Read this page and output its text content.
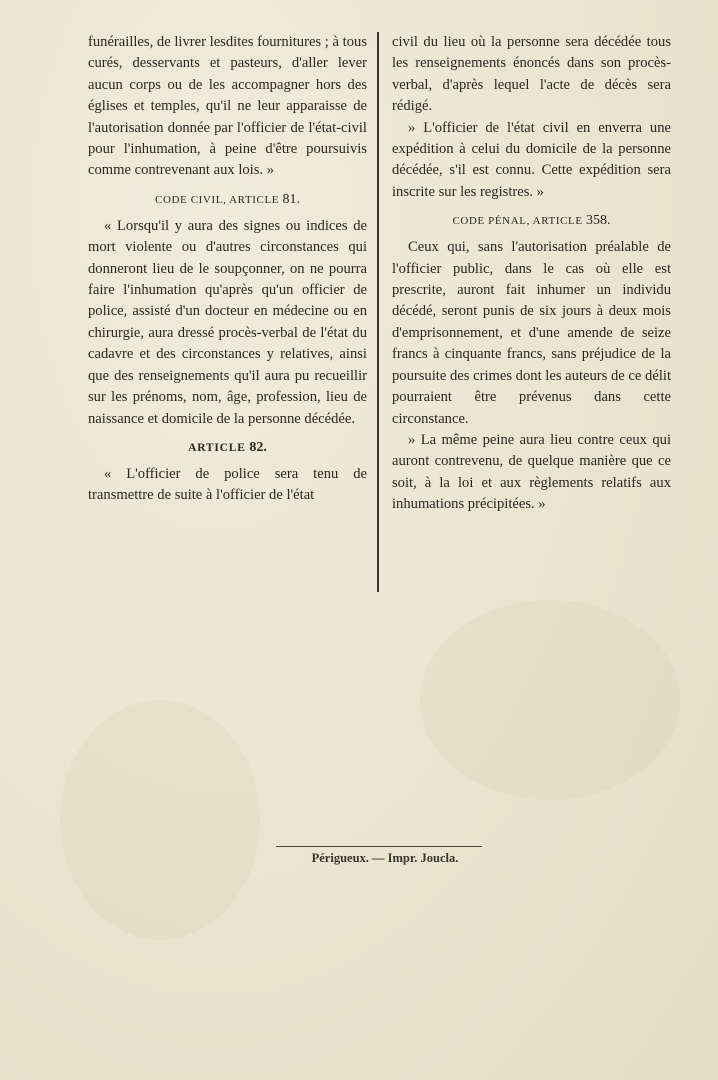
funérailles, de livrer lesdites fournitures ; à tous curés, desservants et pasteurs, d'aller lever aucun corps ou de les accompagner hors des églises et temples, qu'il ne leur apparaisse de l'autorisation donnée par l'officier de l'état-civil pour l'inhumation, à peine d'être poursuivis comme contrevenant aux lois. »

CODE CIVIL, ARTICLE 81.

« Lorsqu'il y aura des signes ou indices de mort violente ou d'autres circonstances qui donneront lieu de le soupçonner, on ne pourra faire l'inhumation qu'après qu'un officier de police, assisté d'un docteur en médecine ou en chirurgie, aura dressé procès-verbal de l'état du cadavre et des circonstances y relatives, ainsi que des renseignements qu'il aura pu recueillir sur les prénoms, nom, âge, profession, lieu de naissance et domicile de la personne décédée.

ARTICLE 82.

« L'officier de police sera tenu de transmettre de suite à l'officier de l'état

civil du lieu où la personne sera décédée tous les renseignements énoncés dans son procès-verbal, d'après lequel l'acte de décès sera rédigé.

» L'officier de l'état civil en enverra une expédition à celui du domicile de la personne décédée, s'il est connu. Cette expédition sera inscrite sur les registres. »

CODE PÉNAL, ARTICLE 358.

Ceux qui, sans l'autorisation préalable de l'officier public, dans le cas où elle est prescrite, auront fait inhumer un individu décédé, seront punis de six jours à deux mois d'emprisonnement, et d'une amende de seize francs à cinquante francs, sans préjudice de la poursuite des crimes dont les auteurs de ce délit pourraient être prévenus dans cette circonstance.

» La même peine aura lieu contre ceux qui auront contrevenu, de quelque manière que ce soit, à la loi et aux règlements relatifs aux inhumations précipitées. »

Périgueux. — Impr. Joucla.
